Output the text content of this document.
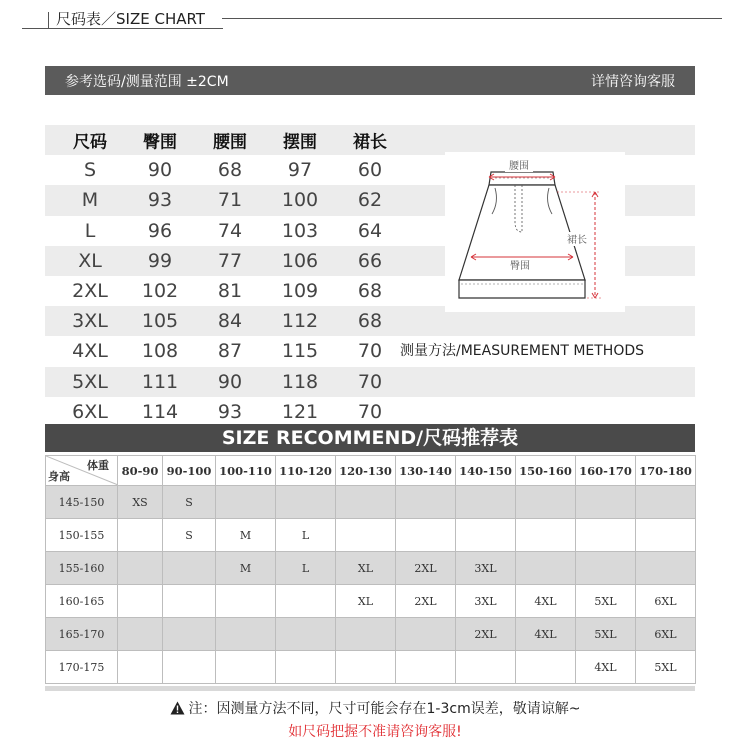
尺码表／SIZE CHART
参考选码/测量范围 ±2CM	详情咨询客服
尺码	臀围	腰围	摆围	裙长
S	90	68	97	60
M	93	71	100	62
L	96	74	103	64
XL	99	77	106	66
2XL	102	81	109	68
3XL	105	84	112	68
4XL	108	87	115	70
5XL	111	90	118	70
6XL	114	93	121	70
腰围
臀围
裙长
测量方法/MEASUREMENT METHODS
SIZE RECOMMEND/尺码推荐表
体重
身高	80-90	90-100	100-110	110-120	120-130	130-140	140-150	150-160	160-170	170-180
145-150	XS	S								
150-155		S	M	L						
155-160			M	L	XL	2XL	3XL			
160-165					XL	2XL	3XL	4XL	5XL	6XL
165-170							2XL	4XL	5XL	6XL
170-175									4XL	5XL
注：因测量方法不同，尺寸可能会存在1-3cm误差，敬请谅解~
如尺码把握不准请咨询客服!
